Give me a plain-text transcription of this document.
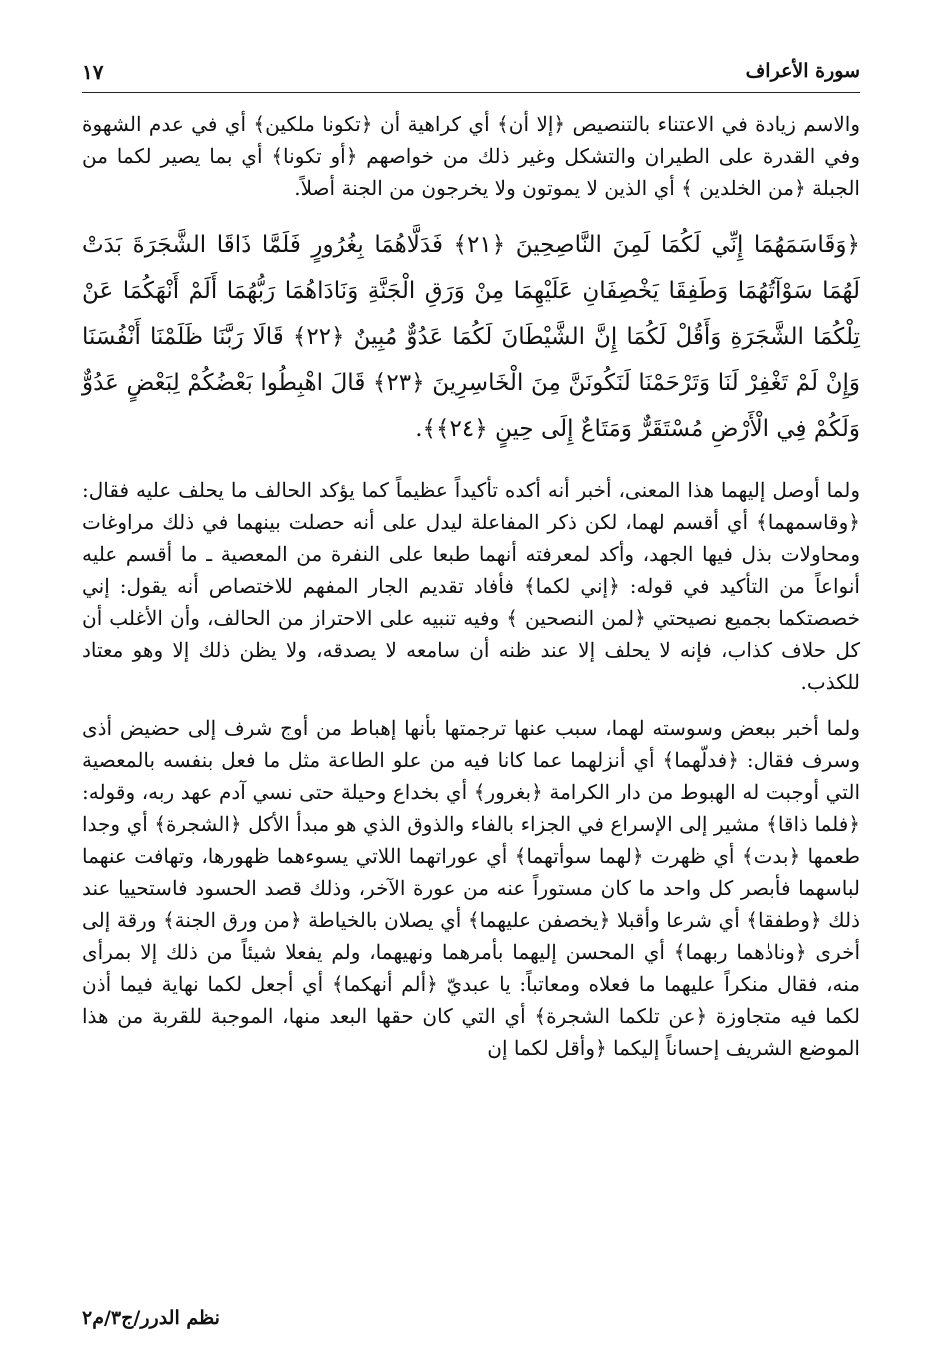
سورة الأعراف
١٧

والاسم زيادة في الاعتناء بالتنصيص ﴿إلا أن﴾ أي كراهية أن ﴿تكونا ملكين﴾ أي في عدم الشهوة وفي القدرة على الطيران والتشكل وغير ذلك من خواصهم ﴿أو تكونا﴾ أي بما يصير لكما من الجبلة ﴿من الخلدين ﴾ أي الذين لا يموتون ولا يخرجون من الجنة أصلاً.

﴿وَقَاسَمَهُمَا إِنِّي لَكُمَا لَمِنَ النَّاصِحِينَ ﴿٢١﴾ فَدَلَّاهُمَا بِغُرُورٍ فَلَمَّا ذَاقَا الشَّجَرَةَ بَدَتْ لَهُمَا سَوْآتُهُمَا وَطَفِقَا يَخْصِفَانِ عَلَيْهِمَا مِنْ وَرَقِ الْجَنَّةِ وَنَادَاهُمَا رَبُّهُمَا أَلَمْ أَنْهَكُمَا عَنْ تِلْكُمَا الشَّجَرَةِ وَأَقُلْ لَكُمَا إِنَّ الشَّيْطَانَ لَكُمَا عَدُوٌّ مُبِينٌ ﴿٢٢﴾ قَالَا رَبَّنَا ظَلَمْنَا أَنْفُسَنَا وَإِنْ لَمْ تَغْفِرْ لَنَا وَتَرْحَمْنَا لَنَكُونَنَّ مِنَ الْخَاسِرِينَ ﴿٢٣﴾ قَالَ اهْبِطُوا بَعْضُكُمْ لِبَعْضٍ عَدُوٌّ وَلَكُمْ فِي الْأَرْضِ مُسْتَقَرٌّ وَمَتَاعٌ إِلَى حِينٍ ﴿٢٤﴾﴾.

ولما أوصل إليهما هذا المعنى، أخبر أنه أكده تأكيداً عظيماً كما يؤكد الحالف ما يحلف عليه فقال: ﴿وقاسمهما﴾ أي أقسم لهما، لكن ذكر المفاعلة ليدل على أنه حصلت بينهما في ذلك مراوغات ومحاولات بذل فيها الجهد، وأكد لمعرفته أنهما طبعا على النفرة من المعصية ـ ما أقسم عليه أنواعاً من التأكيد في قوله: ﴿إني لكما﴾ فأفاد تقديم الجار المفهم للاختصاص أنه يقول: إني خصصتكما بجميع نصيحتي ﴿لمن النصحين ﴾ وفيه تنبيه على الاحتراز من الحالف، وأن الأغلب أن كل حلاف كذاب، فإنه لا يحلف إلا عند ظنه أن سامعه لا يصدقه، ولا يظن ذلك إلا وهو معتاد للكذب.

ولما أخبر ببعض وسوسته لهما، سبب عنها ترجمتها بأنها إهباط من أوج شرف إلى حضيض أذى وسرف فقال: ﴿فدلّهما﴾ أي أنزلهما عما كانا فيه من علو الطاعة مثل ما فعل بنفسه بالمعصية التي أوجبت له الهبوط من دار الكرامة ﴿بغرور﴾ أي بخداع وحيلة حتى نسي آدم عهد ربه، وقوله: ﴿فلما ذاقا﴾ مشير إلى الإسراع في الجزاء بالفاء والذوق الذي هو مبدأ الأكل ﴿الشجرة﴾ أي وجدا طعمها ﴿بدت﴾ أي ظهرت ﴿لهما سوأتهما﴾ أي عوراتهما اللاتي يسوءهما ظهورها، وتهافت عنهما لباسهما فأبصر كل واحد ما كان مستوراً عنه من عورة الآخر، وذلك قصد الحسود فاستحييا عند ذلك ﴿وطفقا﴾ أي شرعا وأقبلا ﴿يخصفن عليهما﴾ أي يصلان بالخياطة ﴿من ورق الجنة﴾ ورقة إلى أخرى ﴿ونادٰهما ربهما﴾ أي المحسن إليهما بأمرهما ونهيهما، ولم يفعلا شيئاً من ذلك إلا بمرأى منه، فقال منكراً عليهما ما فعلاه ومعاتباً: يا عبديّ ﴿ألم أنهكما﴾ أي أجعل لكما نهاية فيما أذن لكما فيه متجاوزة ﴿عن تلكما الشجرة﴾ أي التي كان حقها البعد منها، الموجبة للقربة من هذا الموضع الشريف إحساناً إليكما ﴿وأقل لكما إن

نظم الدرر/ج٣/م٢
